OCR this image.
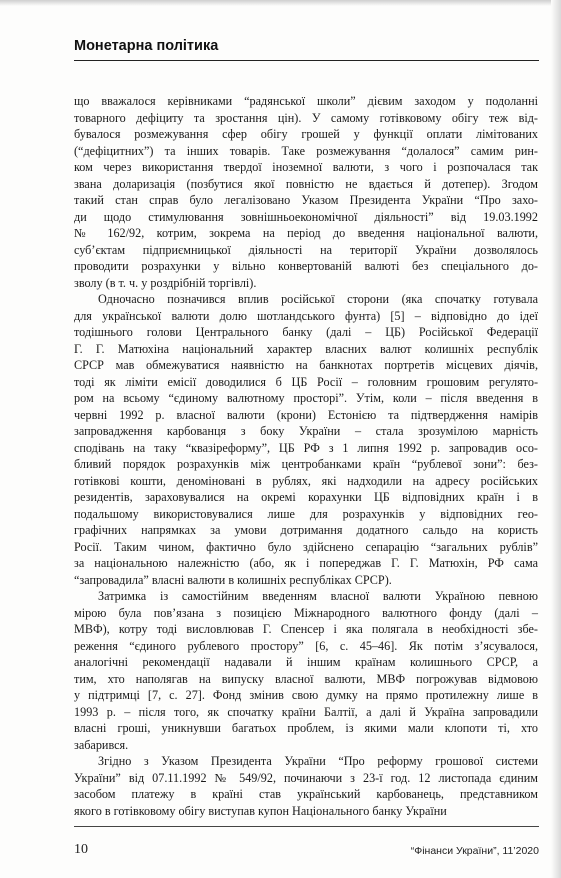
Монетарна політика
що вважалося керівниками “радянської школи” дієвим заходом у подоланні
товарного дефіциту та зростання цін). У самому готівковому обігу теж від-
бувалося розмежування сфер обігу грошей у функції оплати лімітованих
(“дефіцитних”) та інших товарів. Таке розмежування “долалося” самим рин-
ком через використання твердої іноземної валюти, з чого і розпочалася так
звана доларизація (позбутися якої повністю не вдається й дотепер). Згодом
такий стан справ було легалізовано Указом Президента України “Про захо-
ди щодо стимулювання зовнішньоекономічної діяльності” від 19.03.1992
№ 162/92, котрим, зокрема на період до введення національної валюти,
суб’єктам підприємницької діяльності на території України дозволялось
проводити розрахунки у вільно конвертованій валюті без спеціального до-
зволу (в т. ч. у роздрібній торгівлі).
Одночасно позначився вплив російської сторони (яка спочатку готувала
для української валюти долю шотландського фунта) [5] – відповідно до ідеї
тодішнього голови Центрального банку (далі – ЦБ) Російської Федерації
Г. Г. Матюхіна національний характер власних валют колишніх республік
СРСР мав обмежуватися наявністю на банкнотах портретів місцевих діячів,
тоді як ліміти емісії доводилися б ЦБ Росії – головним грошовим регулято-
ром на всьому “єдиному валютному просторі”. Утім, коли – після введення в
червні 1992 р. власної валюти (крони) Естонією та підтвердження намірів
запровадження карбованця з боку України – стала зрозумілою марність
сподівань на таку “квазіреформу”, ЦБ РФ з 1 липня 1992 р. запровадив осо-
бливий порядок розрахунків між центробанками країн “рублевої зони”: без-
готівкові кошти, деноміновані в рублях, які надходили на адресу російських
резидентів, зараховувалися на окремі корахунки ЦБ відповідних країн і в
подальшому використовувалися лише для розрахунків у відповідних гео-
графічних напрямках за умови дотримання додатного сальдо на користь
Росії. Таким чином, фактично було здійснено сепарацію “загальних рублів”
за національною належністю (або, як і попереджав Г. Г. Матюхін, РФ сама
“запровадила” власні валюти в колишніх республіках СРСР).
Затримка із самостійним введенням власної валюти Україною певною
мірою була пов’язана з позицією Міжнародного валютного фонду (далі –
МВФ), котру тоді висловлював Г. Спенсер і яка полягала в необхідності збе-
реження “єдиного рублевого простору” [6, с. 45–46]. Як потім з’ясувалося,
аналогічні рекомендації надавали й іншим країнам колишнього СРСР, а
тим, хто наполягав на випуску власної валюти, МВФ погрожував відмовою
у підтримці [7, с. 27]. Фонд змінив свою думку на прямо протилежну лише в
1993 р. – після того, як спочатку країни Балтії, а далі й Україна запровадили
власні гроші, уникнувши багатьох проблем, із якими мали клопоти ті, хто
забарився.
Згідно з Указом Президента України “Про реформу грошової системи
України” від 07.11.1992 № 549/92, починаючи з 23-ї год. 12 листопада єдиним
засобом платежу в країні став український карбованець, представником
якого в готівковому обігу виступав купон Національного банку України
10	“Фінанси України”, 11’2020
